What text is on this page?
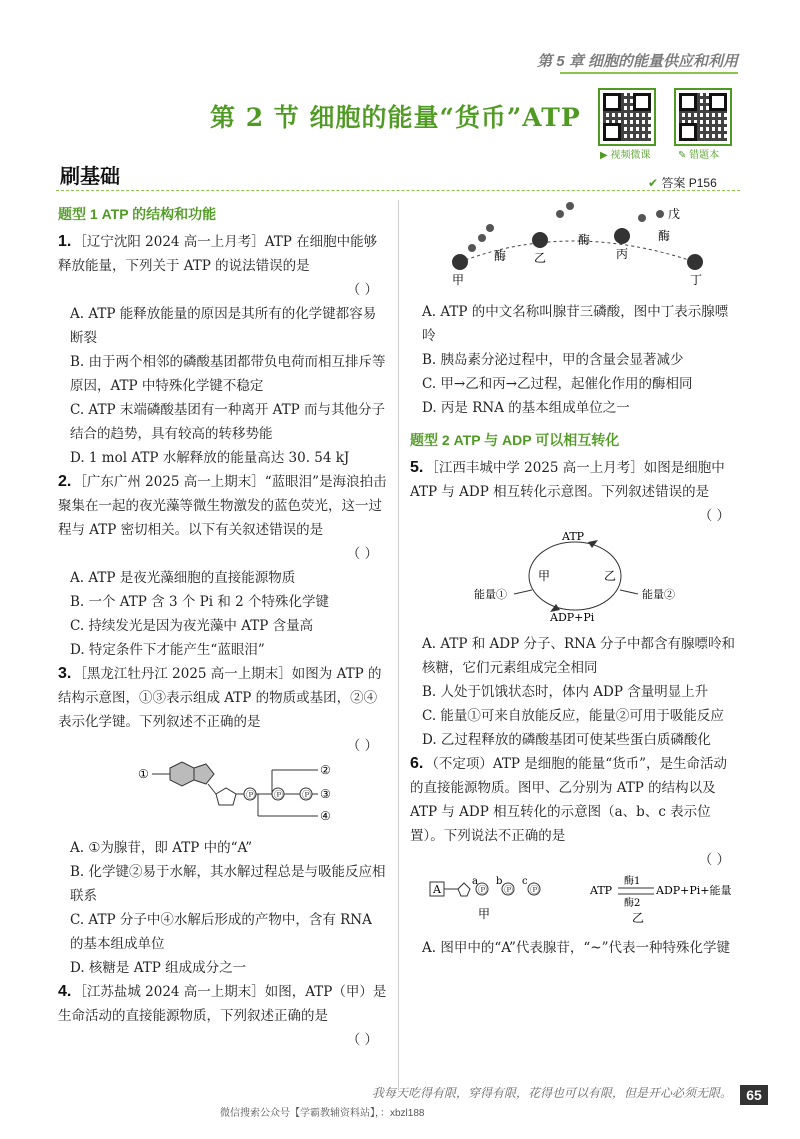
第 5 章 细胞的能量供应和利用
第 2 节 细胞的能量“货币”ATP
▶ 视频微课	✎ 错题本
刷基础	✔ 答案 P156
题型 1 ATP 的结构和功能
1. ［辽宁沈阳 2024 高一上月考］ATP 在细胞中能够释放能量，下列关于 ATP 的说法错误的是
（ ）
A. ATP 能释放能量的原因是其所有的化学键都容易断裂
B. 由于两个相邻的磷酸基团都带负电荷而相互排斥等原因，ATP 中特殊化学键不稳定
C. ATP 末端磷酸基团有一种离开 ATP 而与其他分子结合的趋势，具有较高的转移势能
D. 1 mol ATP 水解释放的能量高达 30. 54 kJ
2. ［广东广州 2025 高一上期末］“蓝眼泪”是海浪拍击聚集在一起的夜光藻等微生物激发的蓝色荧光，这一过程与 ATP 密切相关。以下有关叙述错误的是
（ ）
A. ATP 是夜光藻细胞的直接能源物质
B. 一个 ATP 含 3 个 Pi 和 2 个特殊化学键
C. 持续发光是因为夜光藻中 ATP 含量高
D. 特定条件下才能产生“蓝眼泪”
3. ［黑龙江牡丹江 2025 高一上期末］如图为 ATP 的结构示意图，①③表示组成 ATP 的物质或基团，②④表示化学键。下列叙述不正确的是
（ ）
①
Ⓟ Ⓟ Ⓟ
②
③
④
A. ①为腺苷，即 ATP 中的“A”
B. 化学键②易于水解，其水解过程总是与吸能反应相联系
C. ATP 分子中④水解后形成的产物中，含有 RNA 的基本组成单位
D. 核糖是 ATP 组成成分之一
4. ［江苏盐城 2024 高一上期末］如图，ATP（甲）是生命活动的直接能源物质，下列叙述正确的是
（ ）
甲
乙	丙
丁
戊
酶
酶	酶
A. ATP 的中文名称叫腺苷三磷酸，图中丁表示腺嘌呤
B. 胰岛素分泌过程中，甲的含量会显著减少
C. 甲→乙和丙→乙过程，起催化作用的酶相同
D. 丙是 RNA 的基本组成单位之一
题型 2 ATP 与 ADP 可以相互转化
5. ［江西丰城中学 2025 高一上月考］如图是细胞中 ATP 与 ADP 相互转化示意图。下列叙述错误的是
（ ）
ATP
ADP+Pi
甲	乙
能量①	能量②
A. ATP 和 ADP 分子、RNA 分子中都含有腺嘌呤和核糖，它们元素组成完全相同
B. 人处于饥饿状态时，体内 ADP 含量明显上升
C. 能量①可来自放能反应，能量②可用于吸能反应
D. 乙过程释放的磷酸基团可使某些蛋白质磷酸化
6. （不定项）ATP 是细胞的能量“货币”，是生命活动的直接能源物质。图甲、乙分别为 ATP 的结构以及 ATP 与 ADP 相互转化的示意图（a、b、c 表示位置）。下列说法不正确的是
（ ）
A
a
Ⓟ
b
Ⓟ
c
Ⓟ
甲
ATP
酶1
酶2
ADP+Pi+能量
乙
A. 图甲中的“A”代表腺苷，“~”代表一种特殊化学键
我每天吃得有限，穿得有限，花得也可以有限，但是开心必须无限。	65
微信搜索公众号【学霸教辅资料站】，：xbzl188
